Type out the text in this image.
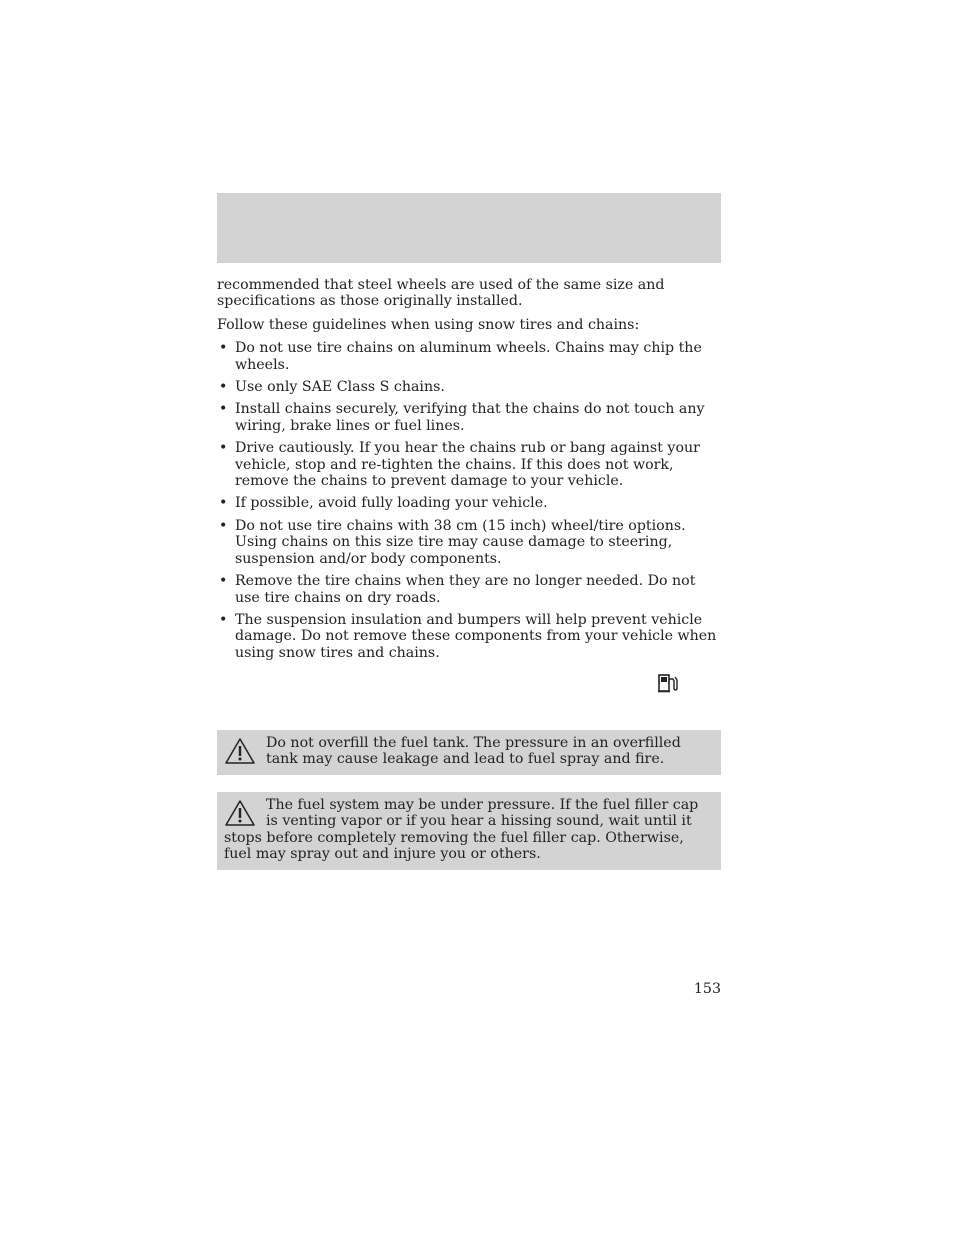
recommended that steel wheels are used of the same size and
specifications as those originally installed.

Follow these guidelines when using snow tires and chains:

• Do not use tire chains on aluminum wheels. Chains may chip the wheels.
• Use only SAE Class S chains.
• Install chains securely, verifying that the chains do not touch any wiring, brake lines or fuel lines.
• Drive cautiously. If you hear the chains rub or bang against your vehicle, stop and re-tighten the chains. If this does not work, remove the chains to prevent damage to your vehicle.
• If possible, avoid fully loading your vehicle.
• Do not use tire chains with 38 cm (15 inch) wheel/tire options. Using chains on this size tire may cause damage to steering, suspension and/or body components.
• Remove the tire chains when they are no longer needed. Do not use tire chains on dry roads.
• The suspension insulation and bumpers will help prevent vehicle damage. Do not remove these components from your vehicle when using snow tires and chains.
Do not overfill the fuel tank. The pressure in an overfilled tank may cause leakage and lead to fuel spray and fire.
The fuel system may be under pressure. If the fuel filler cap is venting vapor or if you hear a hissing sound, wait until it stops before completely removing the fuel filler cap. Otherwise, fuel may spray out and injure you or others.
153
